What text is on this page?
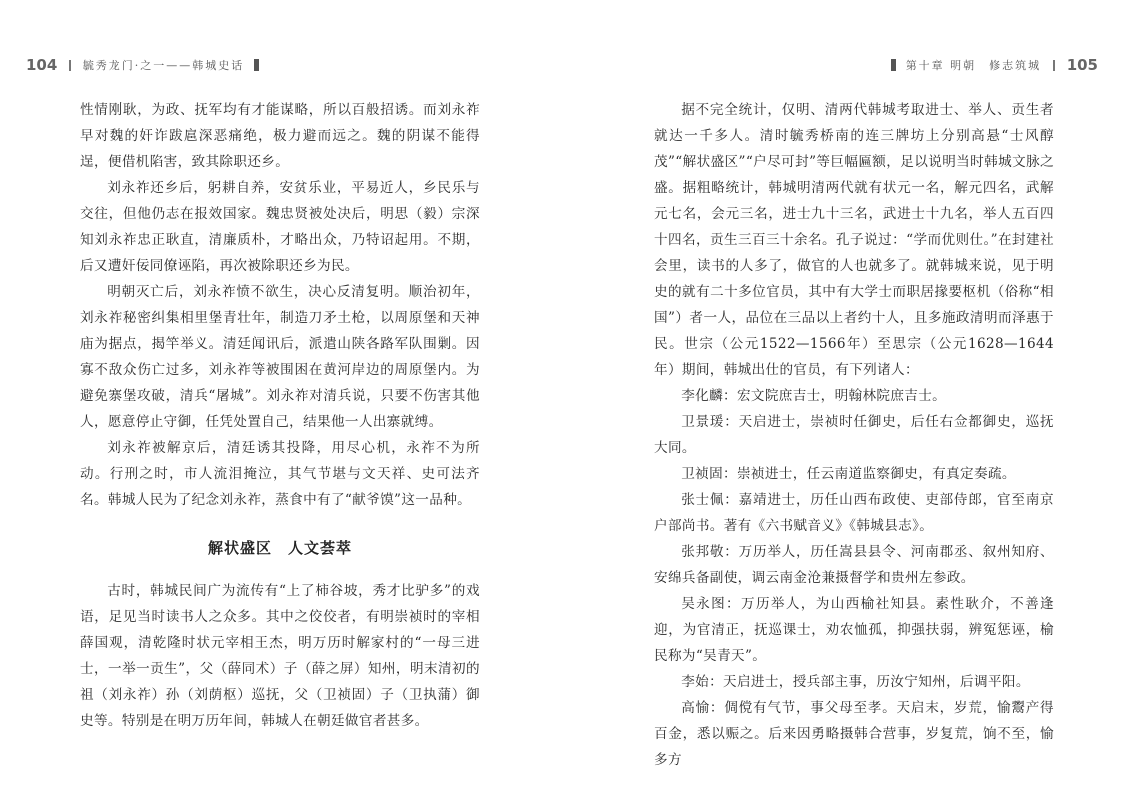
104 毓秀龙门·之一——韩城史话

性情刚耿，为政、抚军均有才能谋略，所以百般招诱。而刘永祚早对魏的奸诈跋扈深恶痛绝，极力避而远之。魏的阴谋不能得逞，便借机陷害，致其除职还乡。

刘永祚还乡后，躬耕自养，安贫乐业，平易近人，乡民乐与交往，但他仍志在报效国家。魏忠贤被处决后，明思（毅）宗深知刘永祚忠正耿直，清廉质朴，才略出众，乃特诏起用。不期，后又遭奸佞同僚诬陷，再次被除职还乡为民。

明朝灭亡后，刘永祚愤不欲生，决心反清复明。顺治初年，刘永祚秘密纠集相里堡青壮年，制造刀矛土枪，以周原堡和天神庙为据点，揭竿举义。清廷闻讯后，派遣山陕各路军队围剿。因寡不敌众伤亡过多，刘永祚等被围困在黄河岸边的周原堡内。为避免寨堡攻破，清兵“屠城”。刘永祚对清兵说，只要不伤害其他人，愿意停止守御，任凭处置自己，结果他一人出寨就缚。

刘永祚被解京后，清廷诱其投降，用尽心机，永祚不为所动。行刑之时，市人流泪掩泣，其气节堪与文天祥、史可法齐名。韩城人民为了纪念刘永祚，蒸食中有了“献爷馍”这一品种。

解状盛区　人文荟萃

古时，韩城民间广为流传有“上了柿谷坡，秀才比驴多”的戏语，足见当时读书人之众多。其中之佼佼者，有明崇祯时的宰相薛国观，清乾隆时状元宰相王杰，明万历时解家村的“一母三进士，一举一贡生”，父（薛同术）子（薛之屏）知州，明末清初的祖（刘永祚）孙（刘荫枢）巡抚，父（卫祯固）子（卫执蒲）御史等。特别是在明万历年间，韩城人在朝廷做官者甚多。

第十章 明朝　修志筑城 105

据不完全统计，仅明、清两代韩城考取进士、举人、贡生者就达一千多人。清时毓秀桥南的连三牌坊上分别高悬“士风醇茂”“解状盛区”“户尽可封”等巨幅匾额，足以说明当时韩城文脉之盛。据粗略统计，韩城明清两代就有状元一名，解元四名，武解元七名，会元三名，进士九十三名，武进士十九名，举人五百四十四名，贡生三百三十余名。孔子说过：“学而优则仕。”在封建社会里，读书的人多了，做官的人也就多了。就韩城来说，见于明史的就有二十多位官员，其中有大学士而职居掾要枢机（俗称“相国”）者一人，品位在三品以上者约十人，且多施政清明而泽惠于民。世宗（公元1522—1566年）至思宗（公元1628—1644年）期间，韩城出仕的官员，有下列诸人：

李化麟：宏文院庶吉士，明翰林院庶吉士。

卫景瑗：天启进士，崇祯时任御史，后任右佥都御史，巡抚大同。

卫祯固：崇祯进士，任云南道监察御史，有真定奏疏。

张士佩：嘉靖进士，历任山西布政使、吏部侍郎，官至南京户部尚书。著有《六书赋音义》《韩城县志》。

张邦敬：万历举人，历任嵩县县令、河南郡丞、叙州知府、安绵兵备副使，调云南金沧兼摄督学和贵州左参政。

吴永图：万历举人，为山西榆社知县。素性耿介，不善逢迎，为官清正，抚巡课士，劝农恤孤，抑强扶弱，辨冤惩诬，榆民称为“吴青天”。

李始：天启进士，授兵部主事，历汝宁知州，后调平阳。

高愉：倜傥有气节，事父母至孝。天启末，岁荒，愉鬻产得百金，悉以赈之。后来因勇略摄韩合营事，岁复荒，饷不至，愉多方
